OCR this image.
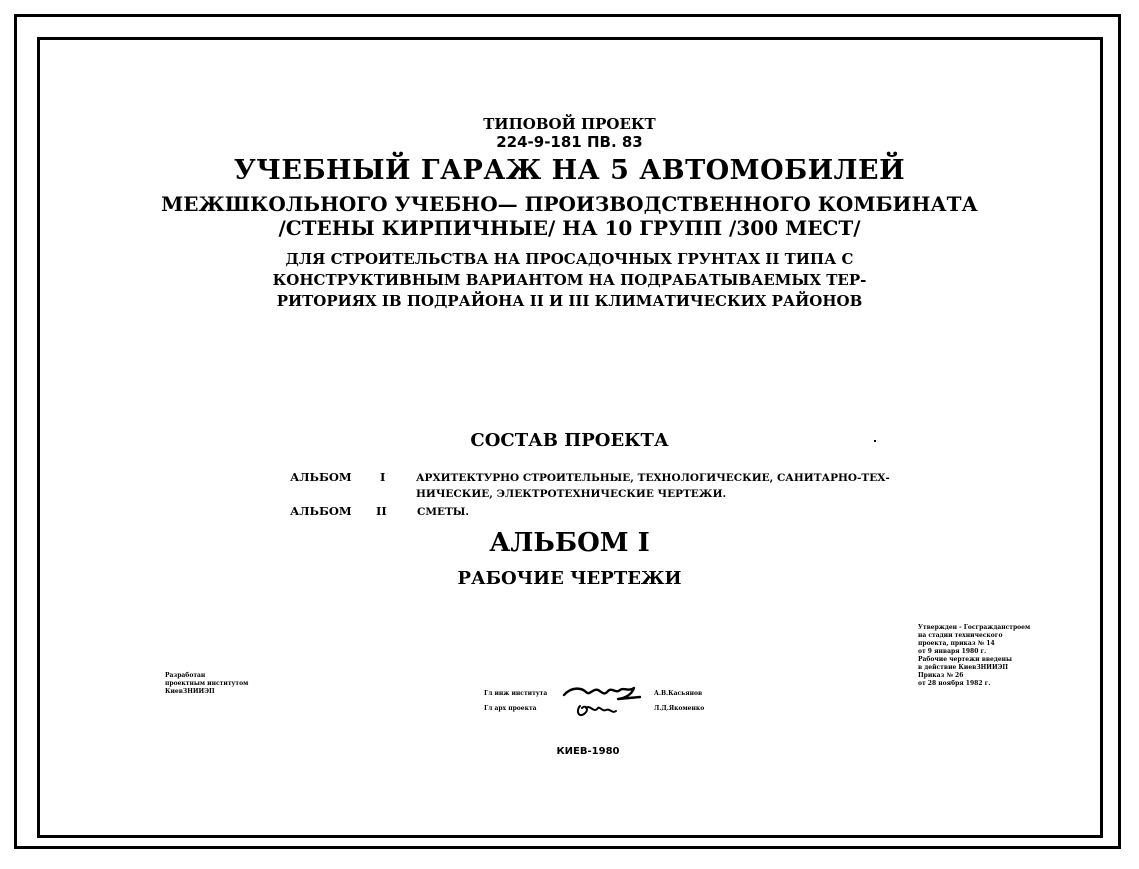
ТИПОВОЙ ПРОЕКТ
224-9-181 ПВ. 83
УЧЕБНЫЙ ГАРАЖ НА 5 АВТОМОБИЛЕЙ
МЕЖШКОЛЬНОГО УЧЕБНО— ПРОИЗВОДСТВЕННОГО КОМБИНАТА
/СТЕНЫ КИРПИЧНЫЕ/ НА 10 ГРУПП /300 МЕСТ/
ДЛЯ СТРОИТЕЛЬСТВА НА ПРОСАДОЧНЫХ ГРУНТАХ II ТИПА С
КОНСТРУКТИВНЫМ ВАРИАНТОМ НА ПОДРАБАТЫВАЕМЫХ ТЕР-
РИТОРИЯХ IВ ПОДРАЙОНА II И III КЛИМАТИЧЕСКИХ РАЙОНОВ
СОСТАВ ПРОЕКТА
АЛЬБОМ I	АРХИТЕКТУРНО СТРОИТЕЛЬНЫЕ, ТЕХНОЛОГИЧЕСКИЕ, САНИТАРНО-ТЕХ-
НИЧЕСКИЕ, ЭЛЕКТРОТЕХНИЧЕСКИЕ ЧЕРТЕЖИ.
АЛЬБОМ II	СМЕТЫ.
АЛЬБОМ I
РАБОЧИЕ ЧЕРТЕЖИ
Разработан
проектным институтом
КиевЗНИИЭП	Гл инж института	А.В.Касьянов
Гл арх проекта	Л.Д.Якоменко
Утвержден - Госгражданстроем
на стадии технического
проекта, приказ № 14
от 9 января 1980 г.
Рабочие чертежи введены
в действие КиевЗНИИЭП
Приказ № 26
от 28 ноября 1982 г.
КИЕВ-1980
